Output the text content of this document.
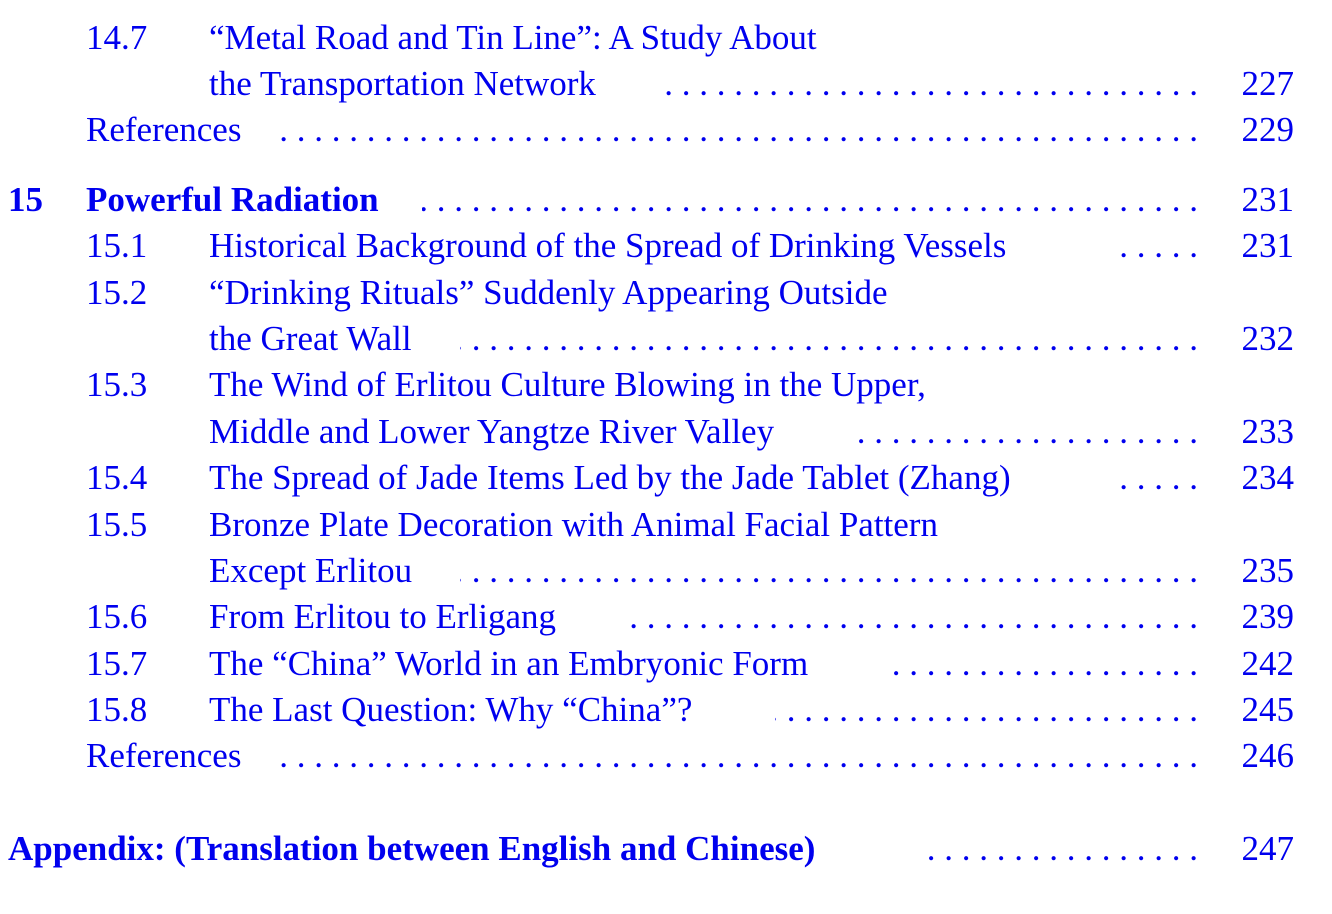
14.7 “Metal Road and Tin Line”: A Study About
the Transportation Network . . .	227
References . . .	229
15 Powerful Radiation . . .	231
15.1 Historical Background of the Spread of Drinking Vessels . . .	231
15.2 “Drinking Rituals” Suddenly Appearing Outside
the Great Wall . . .	232
15.3 The Wind of Erlitou Culture Blowing in the Upper,
Middle and Lower Yangtze River Valley . . .	233
15.4 The Spread of Jade Items Led by the Jade Tablet (Zhang) . . .	234
15.5 Bronze Plate Decoration with Animal Facial Pattern
Except Erlitou . . .	235
15.6 From Erlitou to Erligang . . .	239
15.7 The “China” World in an Embryonic Form . . .	242
15.8 The Last Question: Why “China”? . . .	245
References . . .	246
Appendix: (Translation between English and Chinese) . . .	247
